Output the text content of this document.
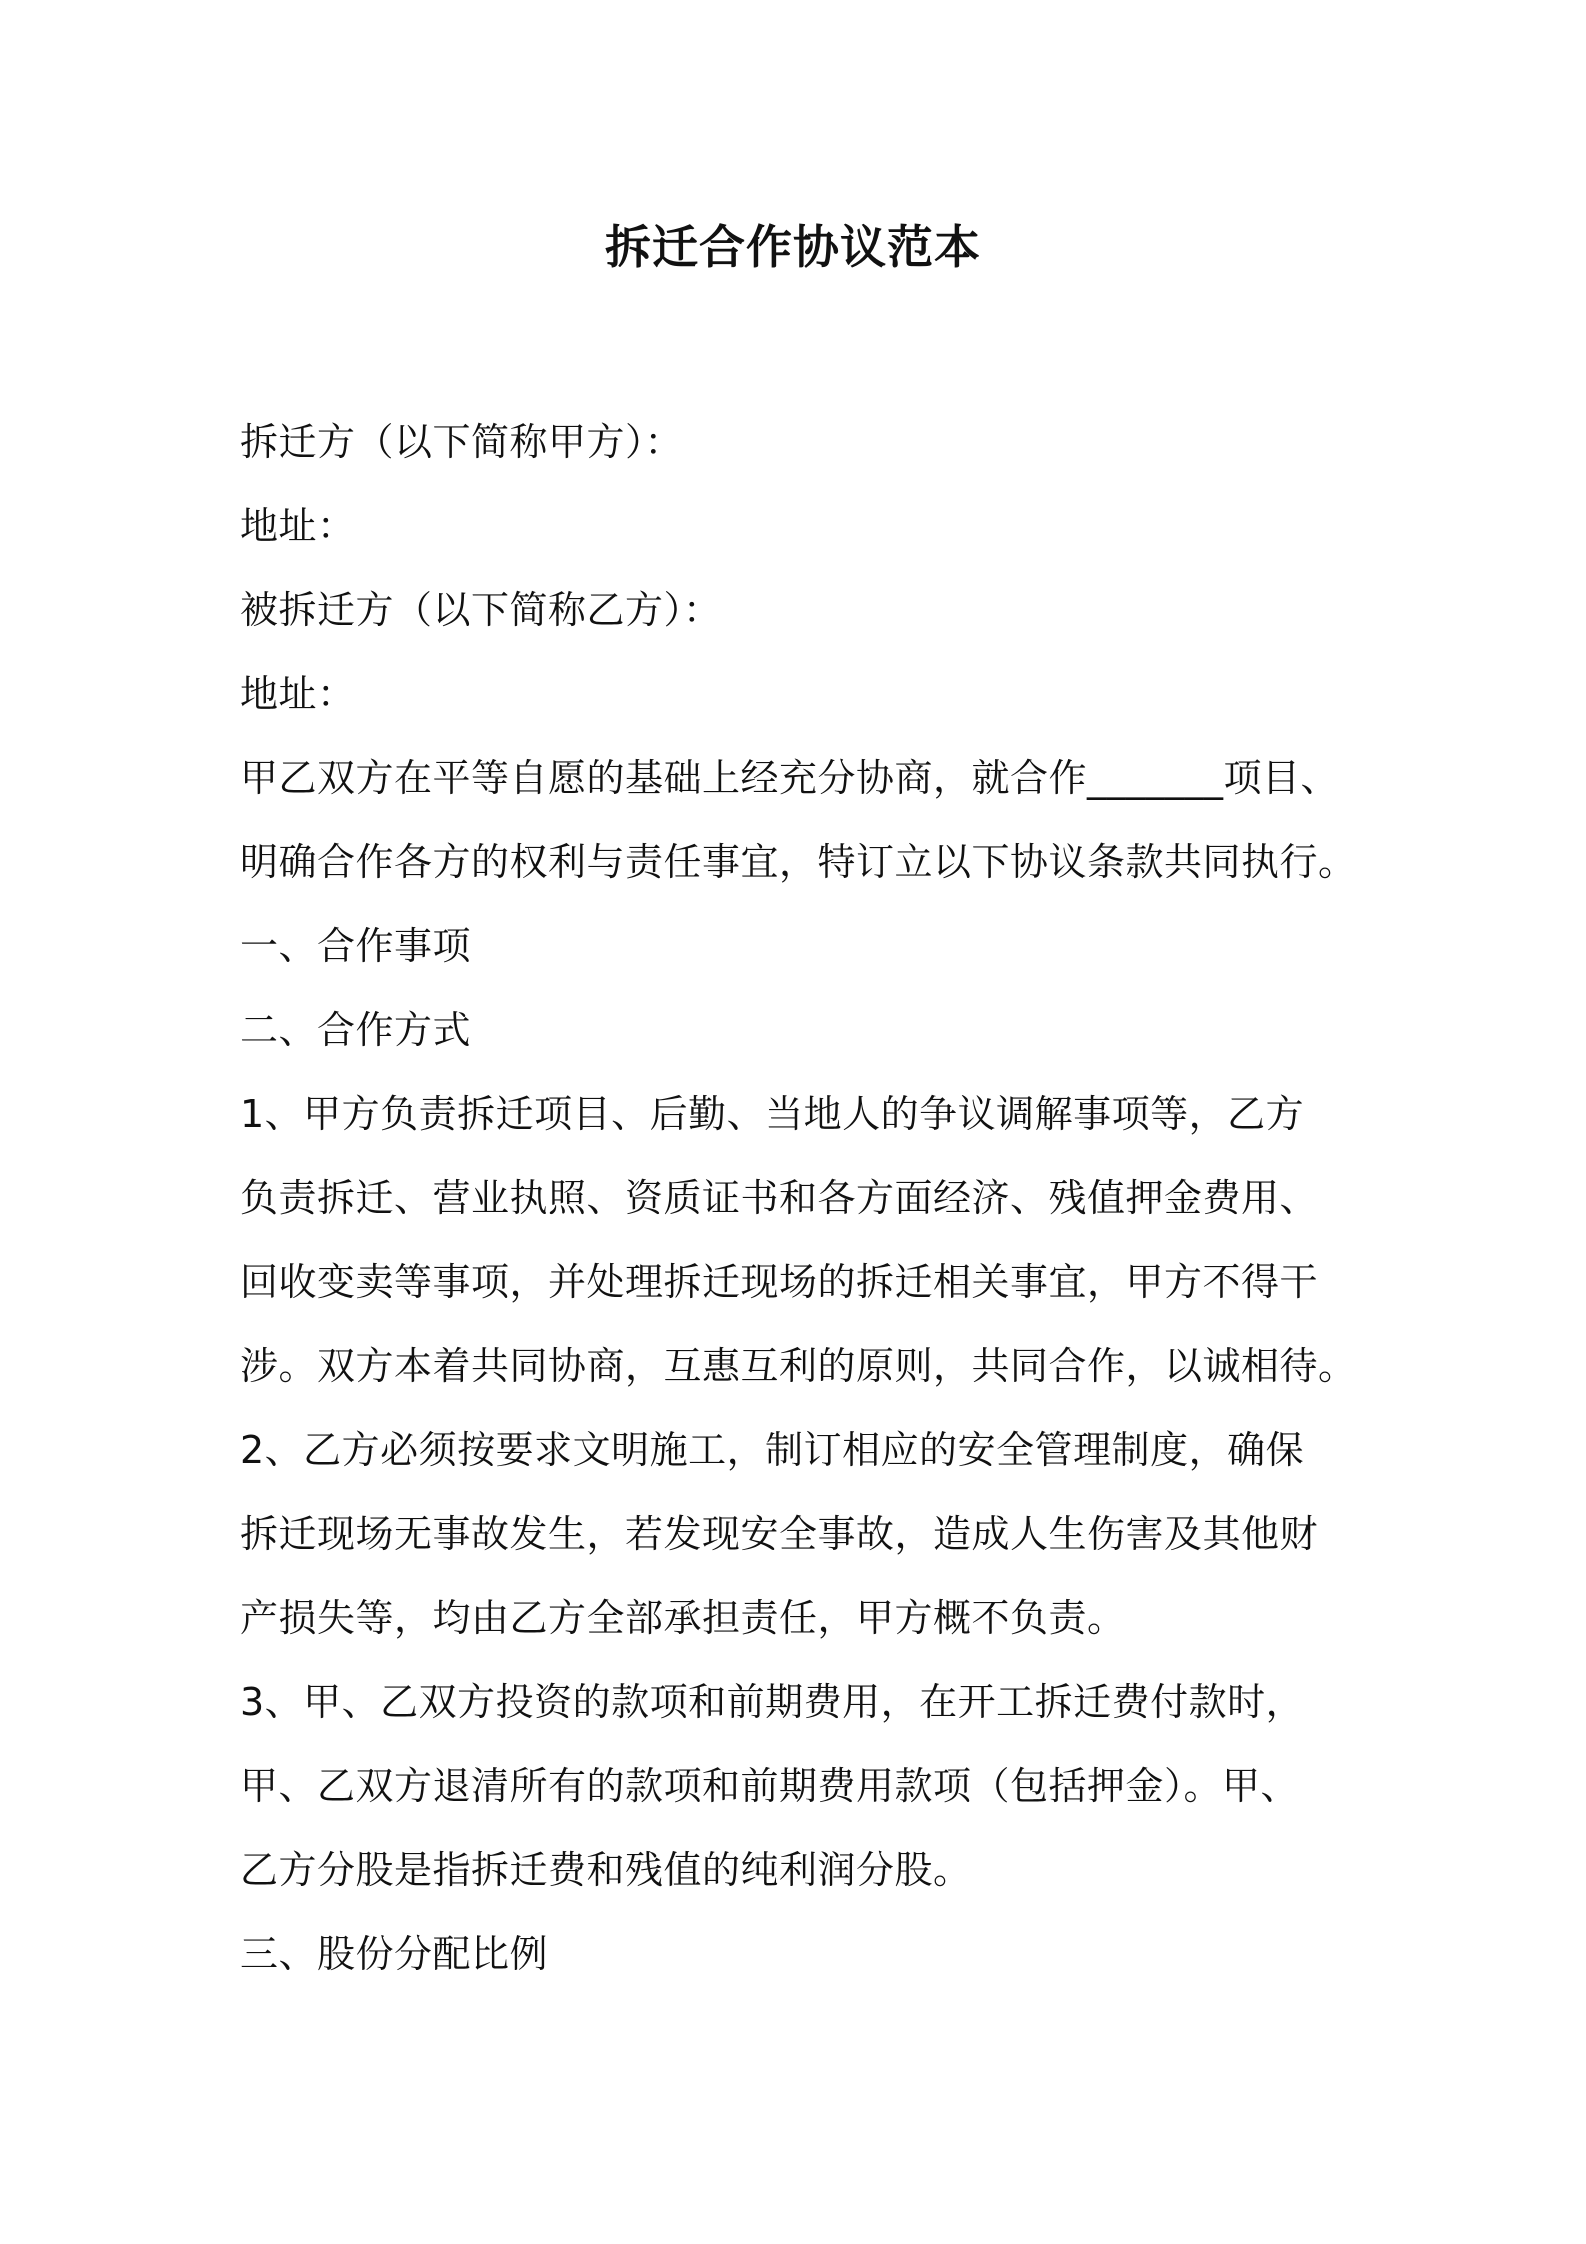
拆迁合作协议范本
拆迁方（以下简称甲方）：
地址：
被拆迁方（以下简称乙方）：
地址：
甲乙双方在平等自愿的基础上经充分协商，就合作_______项目、
明确合作各方的权利与责任事宜，特订立以下协议条款共同执行。
一、合作事项
二、合作方式
1、甲方负责拆迁项目、后勤、当地人的争议调解事项等，乙方
负责拆迁、营业执照、资质证书和各方面经济、残值押金费用、
回收变卖等事项，并处理拆迁现场的拆迁相关事宜，甲方不得干
涉。双方本着共同协商，互惠互利的原则，共同合作，以诚相待。
2、乙方必须按要求文明施工，制订相应的安全管理制度，确保
拆迁现场无事故发生，若发现安全事故，造成人生伤害及其他财
产损失等，均由乙方全部承担责任，甲方概不负责。
3、甲、乙双方投资的款项和前期费用，在开工拆迁费付款时，
甲、乙双方退清所有的款项和前期费用款项（包括押金）。甲、
乙方分股是指拆迁费和残值的纯利润分股。
三、股份分配比例
